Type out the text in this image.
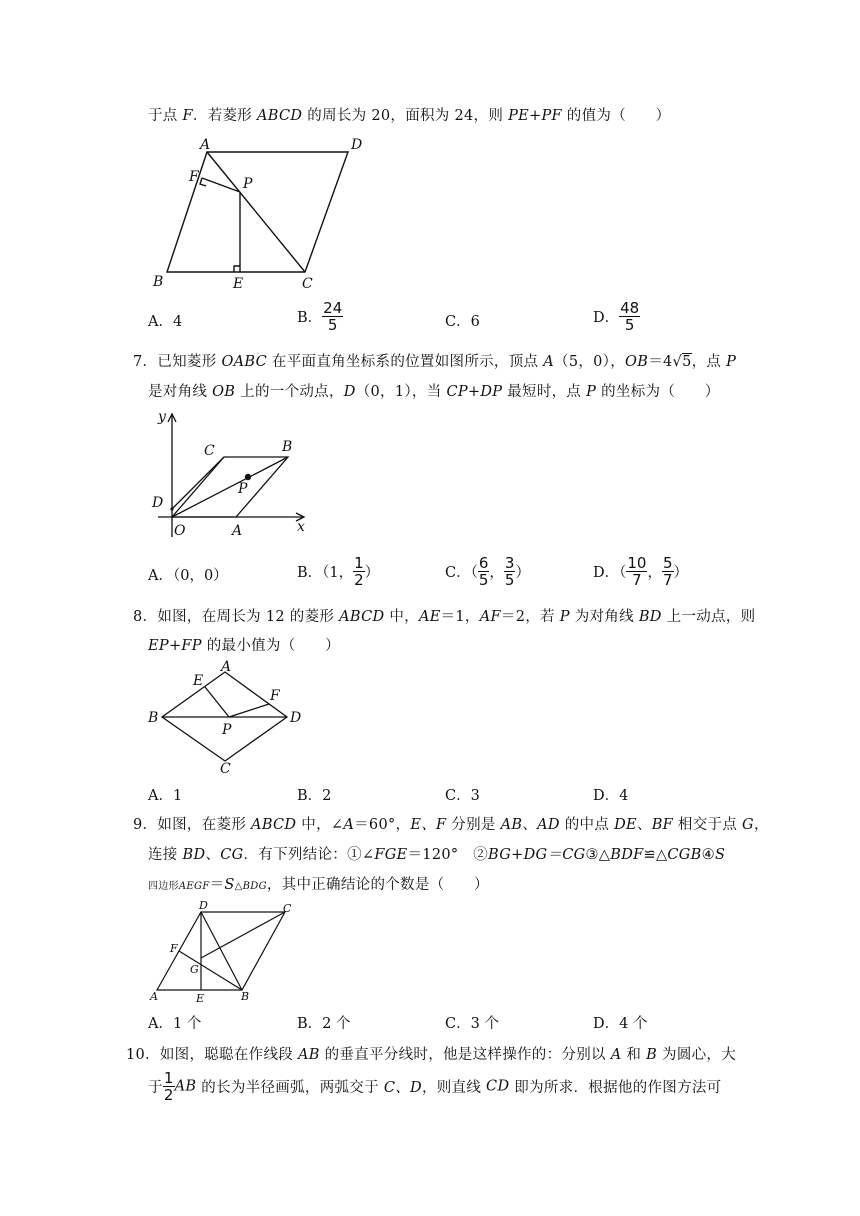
于点 F．若菱形 ABCD 的周长为 20，面积为 24，则 PE+PF 的值为（　　）
A	D
B	C
E
F	P
A．4	B． $\frac{24}{5}$	C．6	D． $\frac{48}{5}$
7．已知菱形 OABC 在平面直角坐标系的位置如图所示，顶点 A（5，0），OB＝4√5，点 P
是对角线 OB 上的一个动点，D（0，1），当 CP+DP 最短时，点 P 的坐标为（　　）
y
x
O	A
B
C
D
P
A．（0，0）	B．（1， $\frac{1}{2}$ ）	C．（ $\frac{6}{5}$ ， $\frac{3}{5}$ ）	D．（ $\frac{10}{7}$ ， $\frac{5}{7}$ ）
8．如图，在周长为 12 的菱形 ABCD 中，AE＝1，AF＝2，若 P 为对角线 BD 上一动点，则
EP+FP 的最小值为（　　）
A
B	D
C
E
F
P
A．1	B．2	C．3	D．4
9．如图，在菱形 ABCD 中，∠A＝60°，E、F 分别是 AB、AD 的中点 DE、BF 相交于点 G，
连接 BD、CG．有下列结论：①∠FGE＝120°　②BG+DG＝CG③△BDF≌△CGB④S
四边形AEGF＝S△BDG，其中正确结论的个数是（　　）
A	B
C
D
E
F
G
A．1 个	B．2 个	C．3 个	D．4 个
10．如图，聪聪在作线段 AB 的垂直平分线时，他是这样操作的：分别以 A 和 B 为圆心，大
于 $\frac{1}{2}$ AB 的长为半径画弧，两弧交于 C、D，则直线 CD 即为所求．根据他的作图方法可
